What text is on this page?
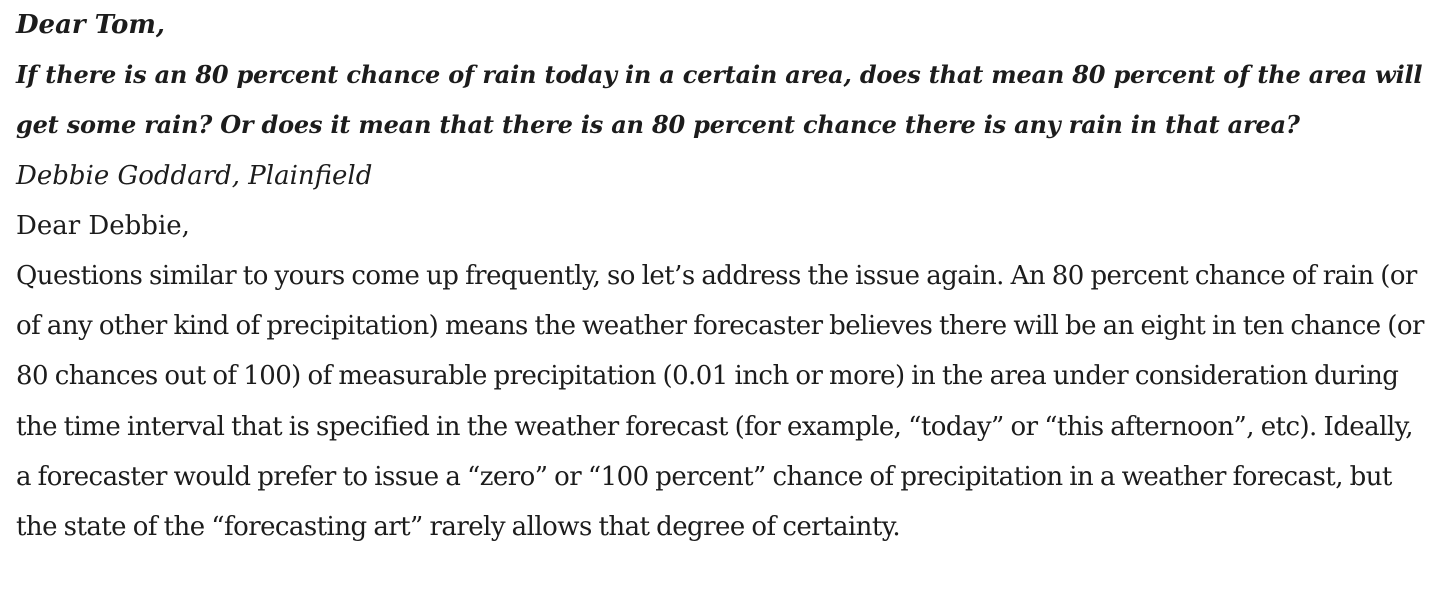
Dear Tom,

If there is an 80 percent chance of rain today in a certain area, does that mean 80 percent of the area will get some rain? Or does it mean that there is an 80 percent chance there is any rain in that area?

Debbie Goddard, Plainfield

Dear Debbie,

Questions similar to yours come up frequently, so let’s address the issue again. An 80 percent chance of rain (or of any other kind of precipitation) means the weather forecaster believes there will be an eight in ten chance (or 80 chances out of 100) of measurable precipitation (0.01 inch or more) in the area under consideration during the time interval that is specified in the weather forecast (for example, “today” or “this afternoon”, etc). Ideally, a forecaster would prefer to issue a “zero” or “100 percent” chance of precipitation in a weather forecast, but the state of the “forecasting art” rarely allows that degree of certainty.
